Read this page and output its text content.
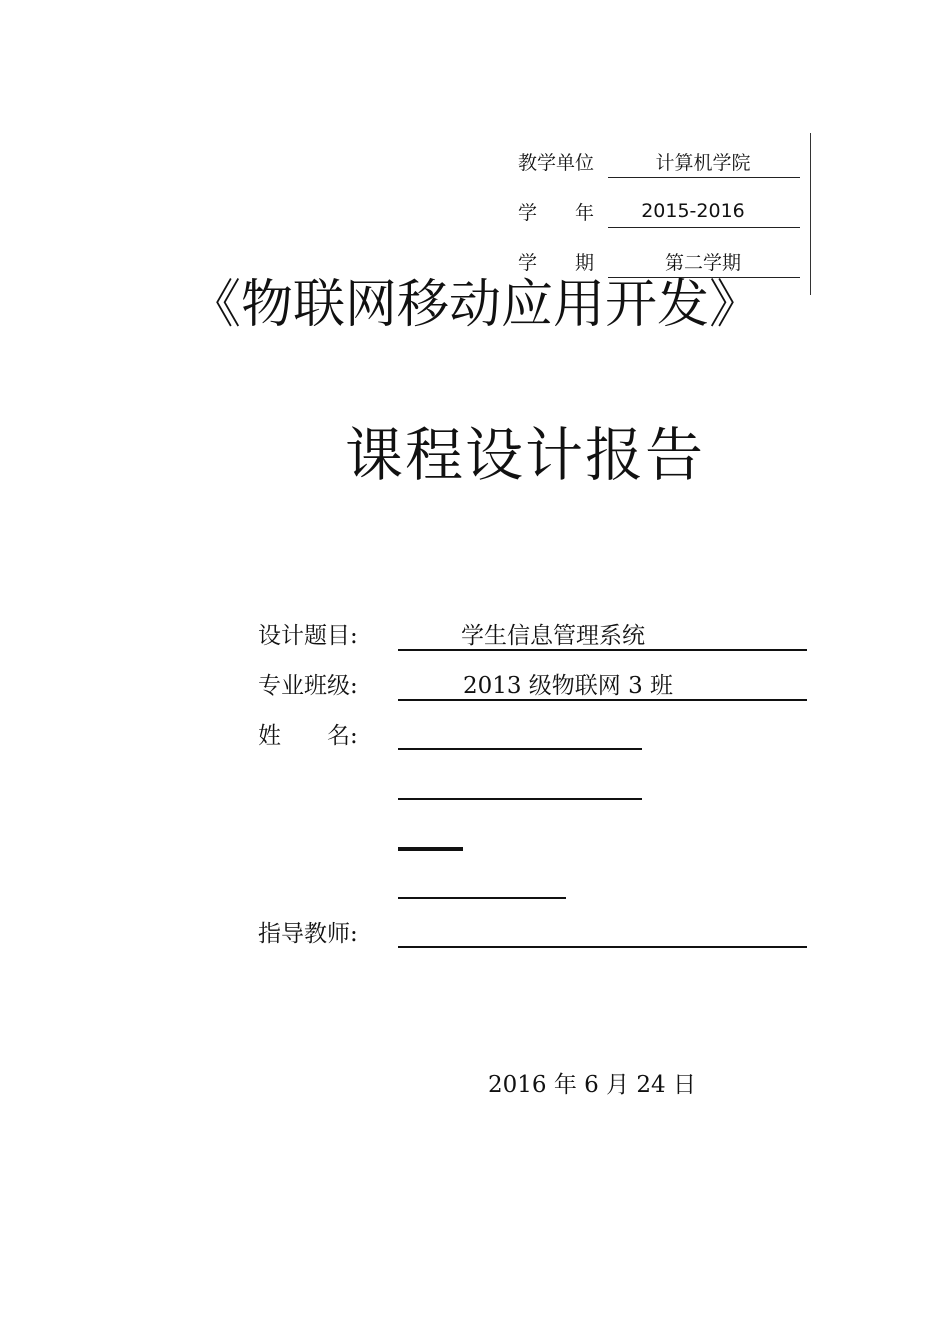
教学单位	计算机学院
学　　年	2015-2016
学　　期	第二学期
《物联网移动应用开发》
课程设计报告
设计题目:	学生信息管理系统
专业班级:	2013 级物联网 3 班
姓　　名:
指导教师:
2016 年 6 月 24 日
